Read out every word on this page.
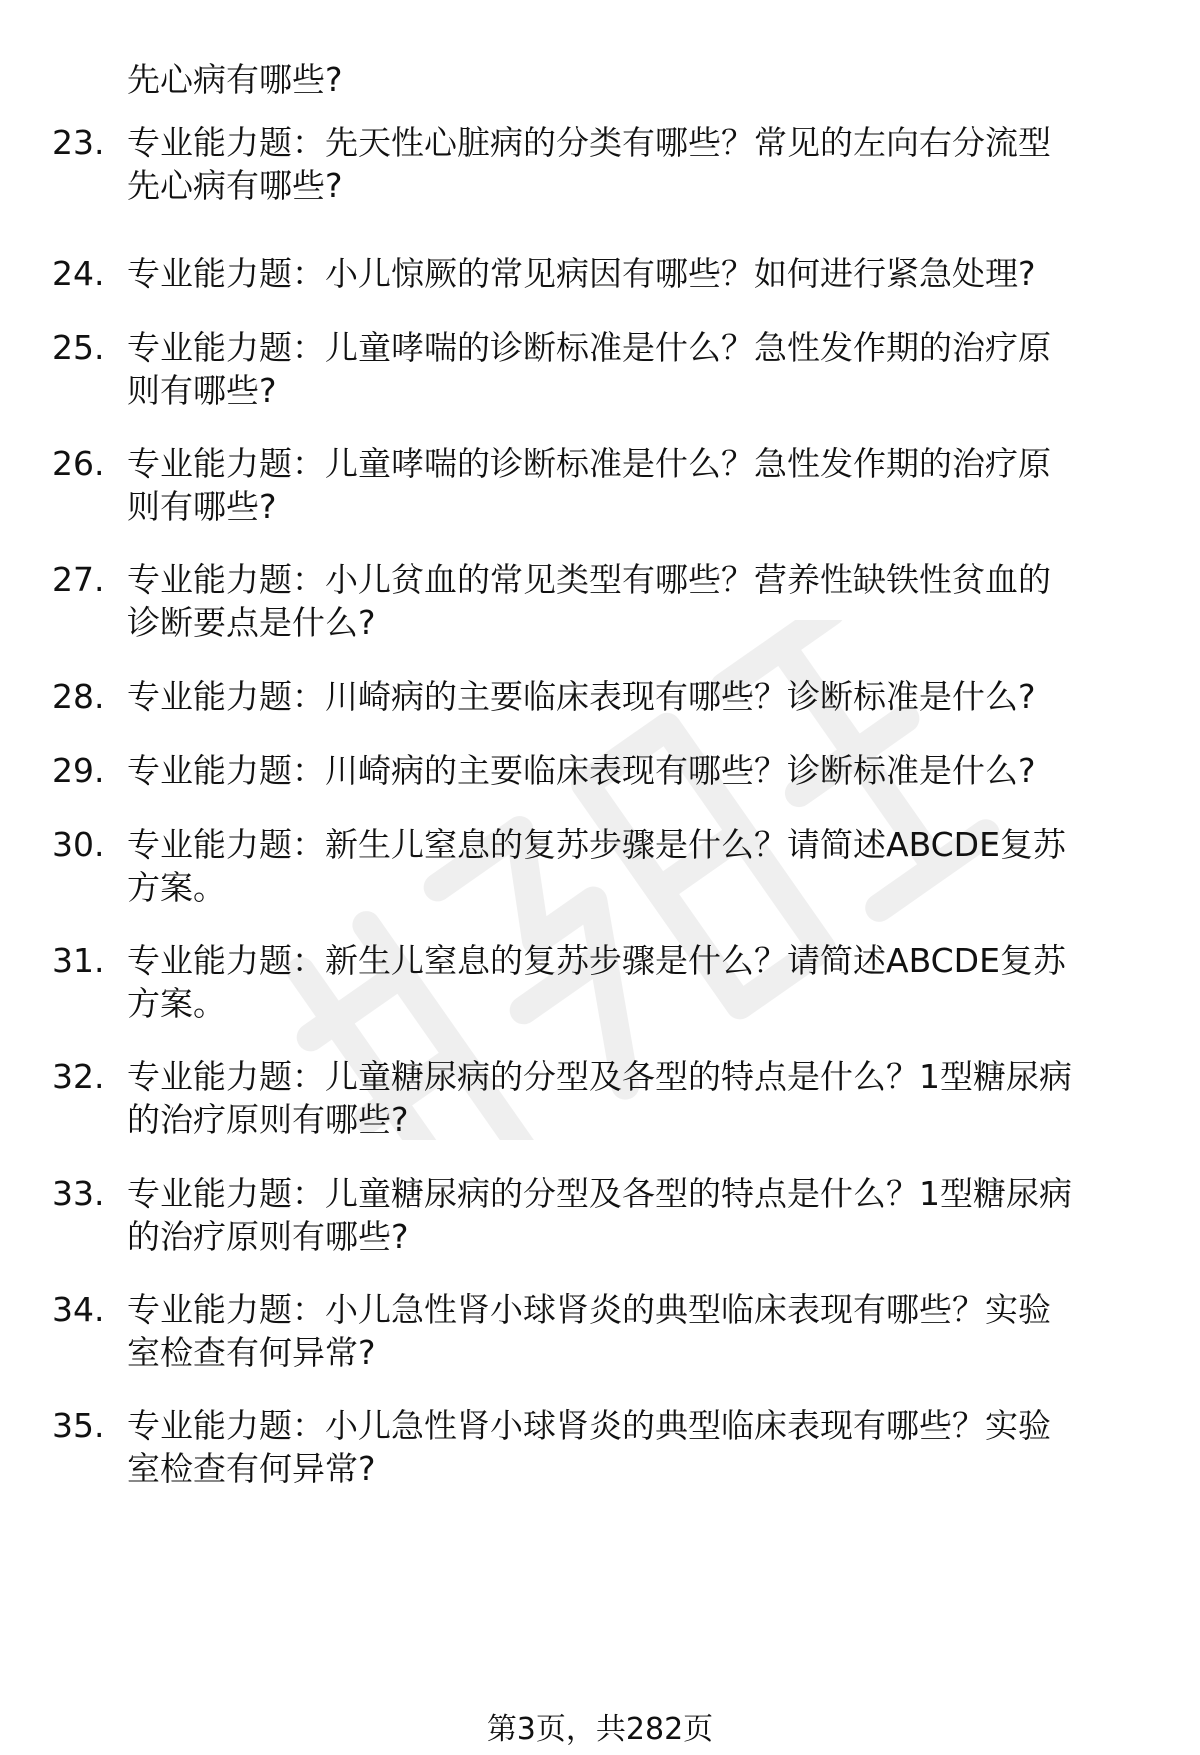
先心病有哪些?
23. 专业能力题：先天性心脏病的分类有哪些？常见的左向右分流型
先心病有哪些?
24. 专业能力题：小儿惊厥的常见病因有哪些？如何进行紧急处理?
25. 专业能力题：儿童哮喘的诊断标准是什么？急性发作期的治疗原
则有哪些?
26. 专业能力题：儿童哮喘的诊断标准是什么？急性发作期的治疗原
则有哪些?
27. 专业能力题：小儿贫血的常见类型有哪些？营养性缺铁性贫血的
诊断要点是什么?
28. 专业能力题：川崎病的主要临床表现有哪些？诊断标准是什么?
29. 专业能力题：川崎病的主要临床表现有哪些？诊断标准是什么?
30. 专业能力题：新生儿窒息的复苏步骤是什么？请简述ABCDE复苏
方案。
31. 专业能力题：新生儿窒息的复苏步骤是什么？请简述ABCDE复苏
方案。
32. 专业能力题：儿童糖尿病的分型及各型的特点是什么？1型糖尿病
的治疗原则有哪些?
33. 专业能力题：儿童糖尿病的分型及各型的特点是什么？1型糖尿病
的治疗原则有哪些?
34. 专业能力题：小儿急性肾小球肾炎的典型临床表现有哪些？实验
室检查有何异常?
35. 专业能力题：小儿急性肾小球肾炎的典型临床表现有哪些？实验
室检查有何异常?
第3页，共282页
